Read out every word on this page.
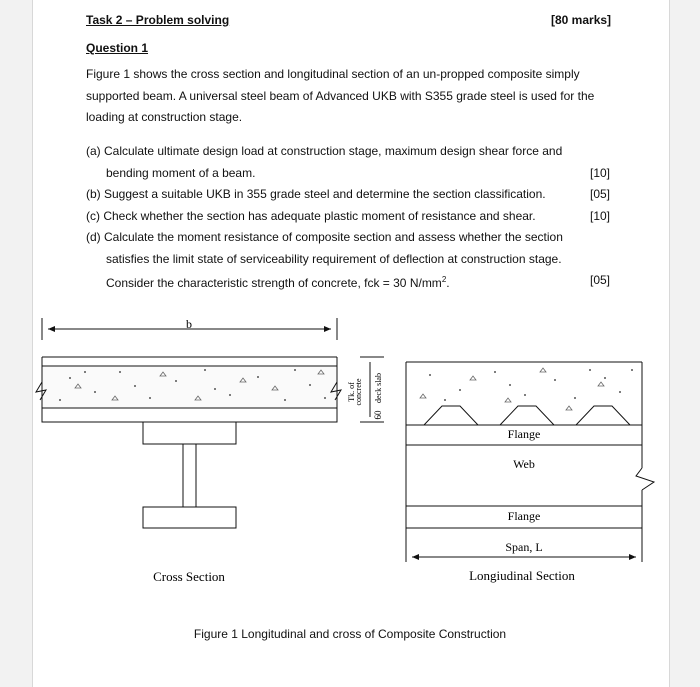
Task 2 – Problem solving	[80 marks]
Question 1
Figure 1 shows the cross section and longitudinal section of an un-propped composite simply
supported beam. A universal steel beam of Advanced UKB with S355 grade steel is used for the
loading at construction stage.
(a) Calculate ultimate design load at construction stage, maximum design shear force and
bending moment of a beam.	[10]
(b) Suggest a suitable UKB in 355 grade steel and determine the section classification.	[05]
(c) Check whether the section has adequate plastic moment of resistance and shear.	[10]
(d) Calculate the moment resistance of composite section and assess whether the section
satisfies the limit state of serviceability requirement of deflection at construction stage.
Consider the characteristic strength of concrete, fck = 30 $N/mm^2$.	[05]
b
Tk. of
concrete deck slab
60
Flange
Web
Flange
Span, L
Cross Section	Longiudinal Section
Figure 1 Longitudinal and cross of Composite Construction
